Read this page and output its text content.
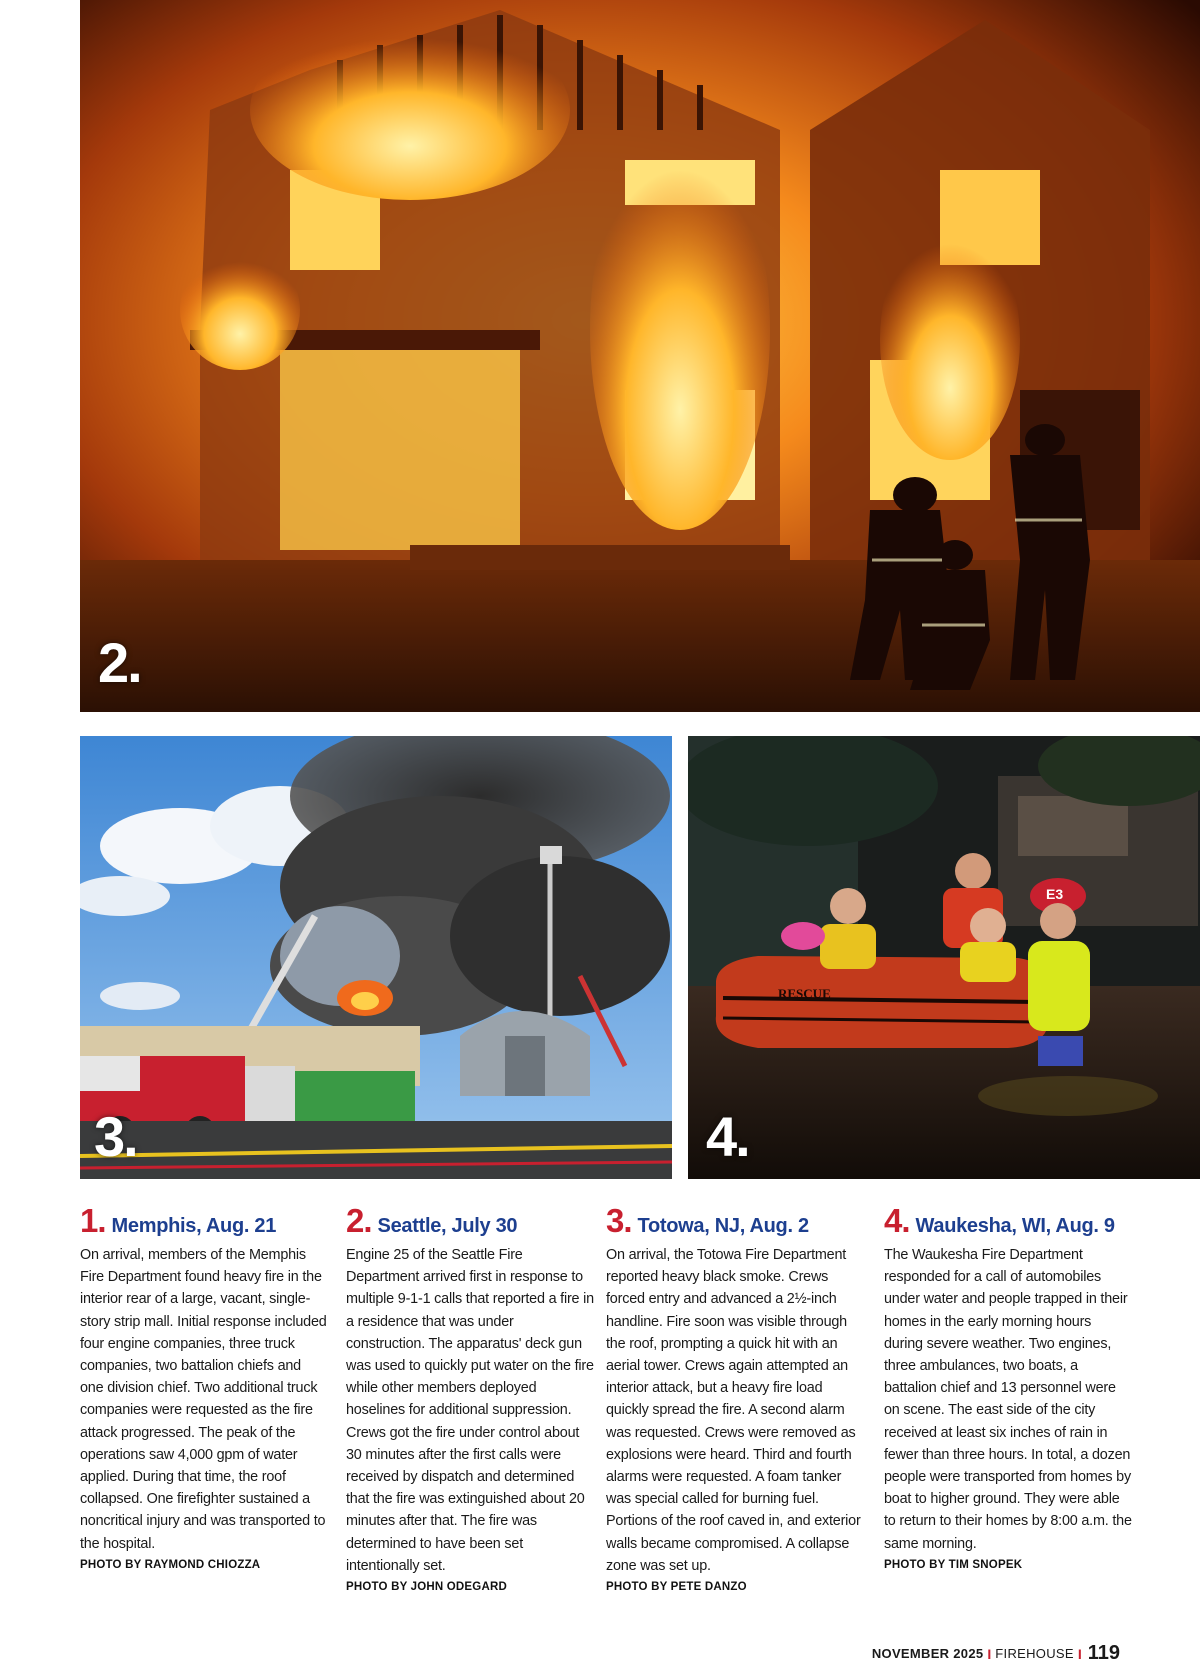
2.
3.
RESCUE
E3
4.
1. Memphis, Aug. 21

On arrival, members of the Memphis Fire Department found heavy fire in the interior rear of a large, vacant, single-story strip mall. Initial response included four engine companies, three truck companies, two battalion chiefs and one division chief. Two additional truck companies were requested as the fire attack progressed. The peak of the operations saw 4,000 gpm of water applied. During that time, the roof collapsed. One firefighter sustained a noncritical injury and was transported to the hospital.

PHOTO BY RAYMOND CHIOZZA
2. Seattle, July 30

Engine 25 of the Seattle Fire Department arrived first in response to multiple 9-1-1 calls that reported a fire in a residence that was under construction. The apparatus' deck gun was used to quickly put water on the fire while other members deployed hoselines for additional suppression. Crews got the fire under control about 30 minutes after the first calls were received by dispatch and determined that the fire was extinguished about 20 minutes after that. The fire was determined to have been set intentionally set.

PHOTO BY JOHN ODEGARD
3. Totowa, NJ, Aug. 2

On arrival, the Totowa Fire Department reported heavy black smoke. Crews forced entry and advanced a 2½-inch handline. Fire soon was visible through the roof, prompting a quick hit with an aerial tower. Crews again attempted an interior attack, but a heavy fire load quickly spread the fire. A second alarm was requested. Crews were removed as explosions were heard. Third and fourth alarms were requested. A foam tanker was special called for burning fuel. Portions of the roof caved in, and exterior walls became compromised. A collapse zone was set up.

PHOTO BY PETE DANZO
4. Waukesha, WI, Aug. 9

The Waukesha Fire Department responded for a call of automobiles under water and people trapped in their homes in the early morning hours during severe weather. Two engines, three ambulances, two boats, a battalion chief and 13 personnel were on scene. The east side of the city received at least six inches of rain in fewer than three hours. In total, a dozen people were transported from homes by boat to higher ground. They were able to return to their homes by 8:00 a.m. the same morning.

PHOTO BY TIM SNOPEK
NOVEMBER 2025 I FIREHOUSE I 119
